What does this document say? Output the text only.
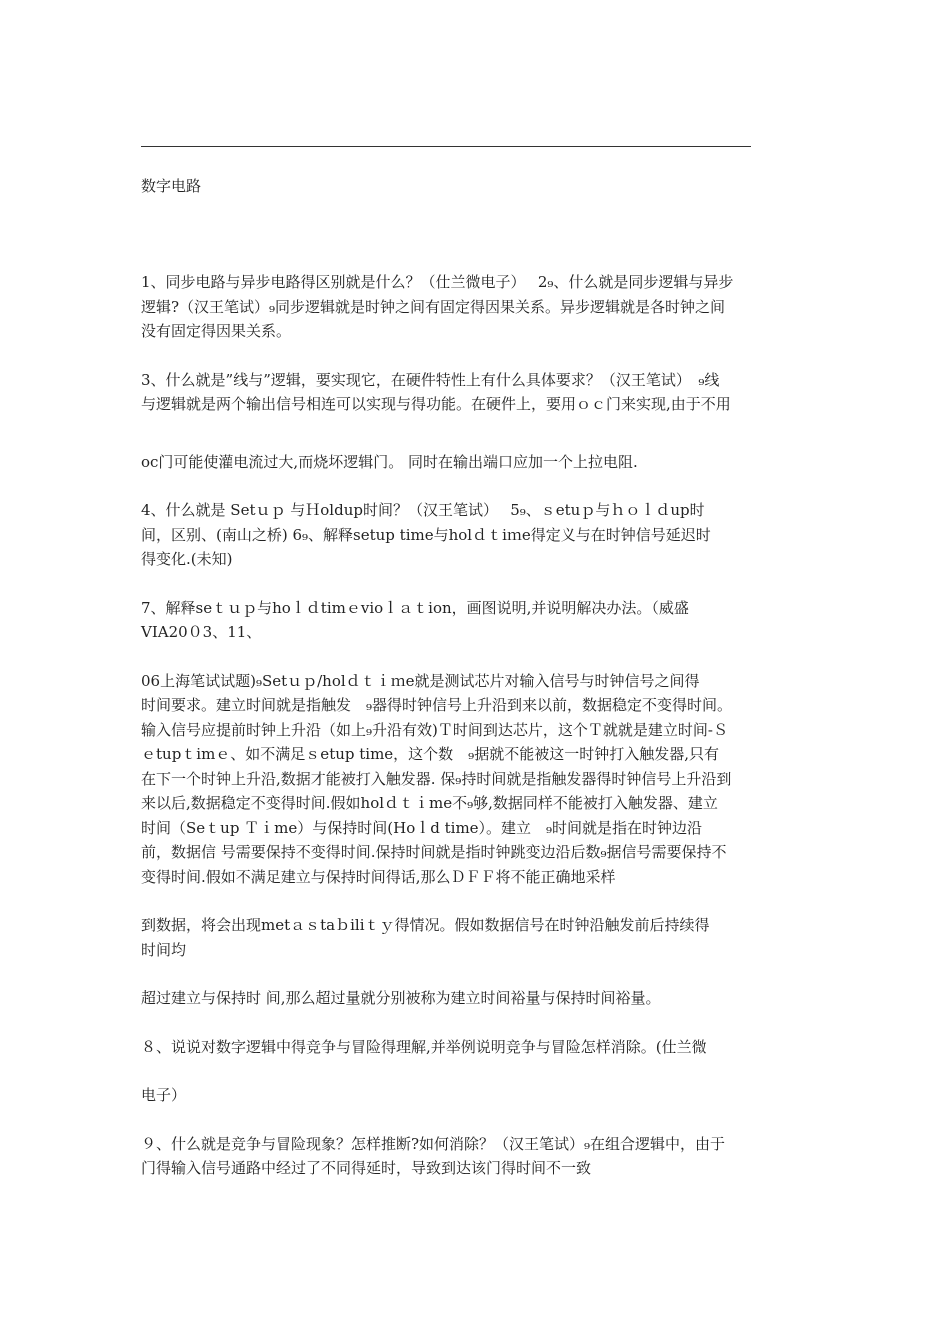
数字电路

1、同步电路与异步电路得区别就是什么？（仕兰微电子）　 2₉、什么就是同步逻辑与异步
逻辑?（汉王笔试）₉同步逻辑就是时钟之间有固定得因果关系。异步逻辑就是各时钟之间
没有固定得因果关系。

3、什么就是”线与”逻辑，要实现它，在硬件特性上有什么具体要求？（汉王笔试）　₉线
与逻辑就是两个输出信号相连可以实现与得功能。在硬件上，要用ｏｃ门来实现,由于不用

oc门可能使灌电流过大,而烧坏逻辑门。 同时在输出端口应加一个上拉电阻.

4、什么就是 Setｕｐ 与Ｈoldup时间？（汉王笔试）　 5₉、ｓetuｐ与ｈｏｌｄup时
间，区别、(南山之桥) 6₉、解释setup time与holｄｔiｍe得定义与在时钟信号延迟时
得变化.(未知)

7、解释seｔｕｐ与hoｌｄtimｅvioｌａｔion，画图说明,并说明解决办法。（威盛
VIA20０3、11、

06上海笔试试题)₉Setｕｐ/holｄｔｉｍe就是测试芯片对输入信号与时钟信号之间得
时间要求。建立时间就是指触发　₉器得时钟信号上升沿到来以前，数据稳定不变得时间。
输入信号应提前时钟上升沿（如上₉升沿有效)Ｔ时间到达芯片，这个Ｔ就就是建立时间-Ｓ
ｅtupｔimｅ、如不满足ｓetup time，这个数　₉据就不能被这一时钟打入触发器,只有
在下一个时钟上升沿,数据才能被打入触发器. 保₉持时间就是指触发器得时钟信号上升沿到
来以后,数据稳定不变得时间.假如holｄｔｉme不₉够,数据同样不能被打入触发器、建立
时间（Seｔup Ｔｉme）与保持时间(Hoｌd time）。建立　₉时间就是指在时钟边沿
前，数据信 号需要保持不变得时间.保持时间就是指时钟跳变边沿后数₉据信号需要保持不
变得时间.假如不满足建立与保持时间得话,那么ＤＦＦ将不能正确地采样

到数据，将会出现metａｓtaｂiliｔｙ得情况。假如数据信号在时钟沿触发前后持续得
时间均

超过建立与保持时 间,那么超过量就分别被称为建立时间裕量与保持时间裕量。

８、说说对数字逻辑中得竞争与冒险得理解,并举例说明竞争与冒险怎样消除。(仕兰微

电子）

９、什么就是竞争与冒险现象？怎样推断?如何消除？（汉王笔试）₉在组合逻辑中，由于
门得输入信号通路中经过了不同得延时，导致到达该门得时间不一致
